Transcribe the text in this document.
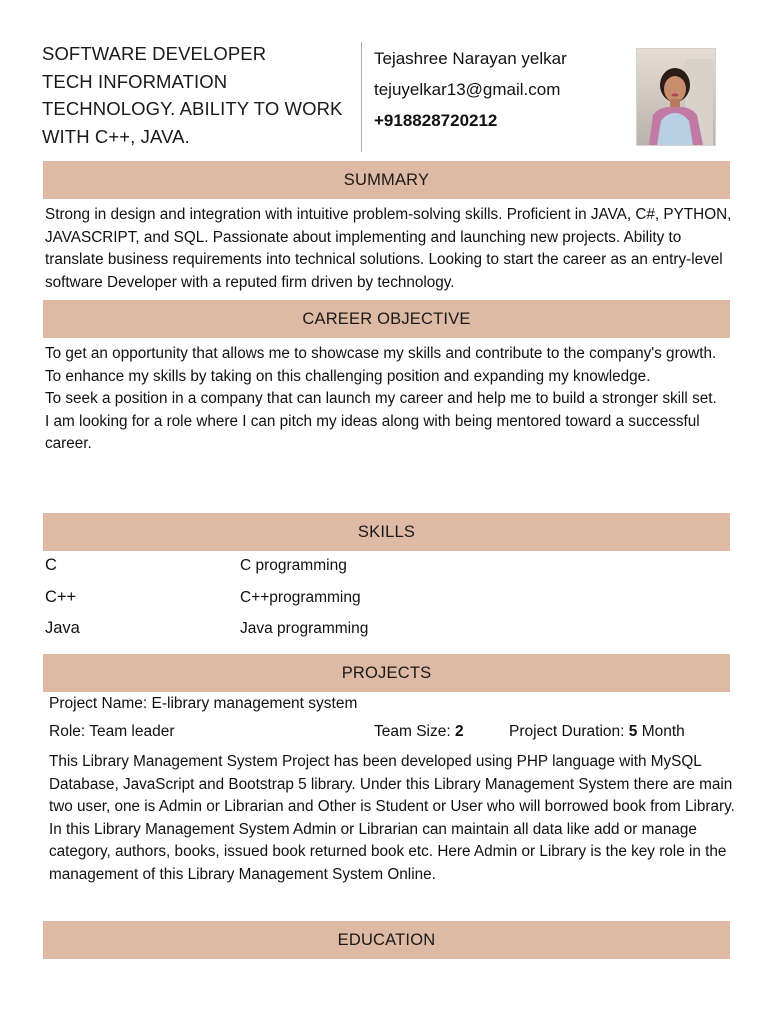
SOFTWARE DEVELOPER
TECH INFORMATION
TECHNOLOGY. ABILITY TO WORK
WITH C++, JAVA.
Tejashree Narayan yelkar
tejuyelkar13@gmail.com
+918828720212
SUMMARY
Strong in design and integration with intuitive problem-solving skills. Proficient in JAVA, C#, PYTHON, JAVASCRIPT, and SQL. Passionate about implementing and launching new projects. Ability to translate business requirements into technical solutions. Looking to start the career as an entry-level software Developer with a reputed firm driven by technology.
CAREER OBJECTIVE

To get an opportunity that allows me to showcase my skills and contribute to the company's growth.

To enhance my skills by taking on this challenging position and expanding my knowledge.

To seek a position in a company that can launch my career and help me to build a stronger skill set.

I am looking for a role where I can pitch my ideas along with being mentored toward a successful career.

SKILLS
C	C programming
C++	C++programming
Java	Java programming
PROJECTS
Project Name: E-library management system
Role: Team leader	Team Size: 2	Project Duration: 5 Month
This Library Management System Project has been developed using PHP language with MySQL Database, JavaScript and Bootstrap 5 library. Under this Library Management System there are main two user, one is Admin or Librarian and Other is Student or User who will borrowed book from Library. In this Library Management System Admin or Librarian can maintain all data like add or manage category, authors, books, issued book returned book etc. Here Admin or Library is the key role in the management of this Library Management System Online.
EDUCATION
